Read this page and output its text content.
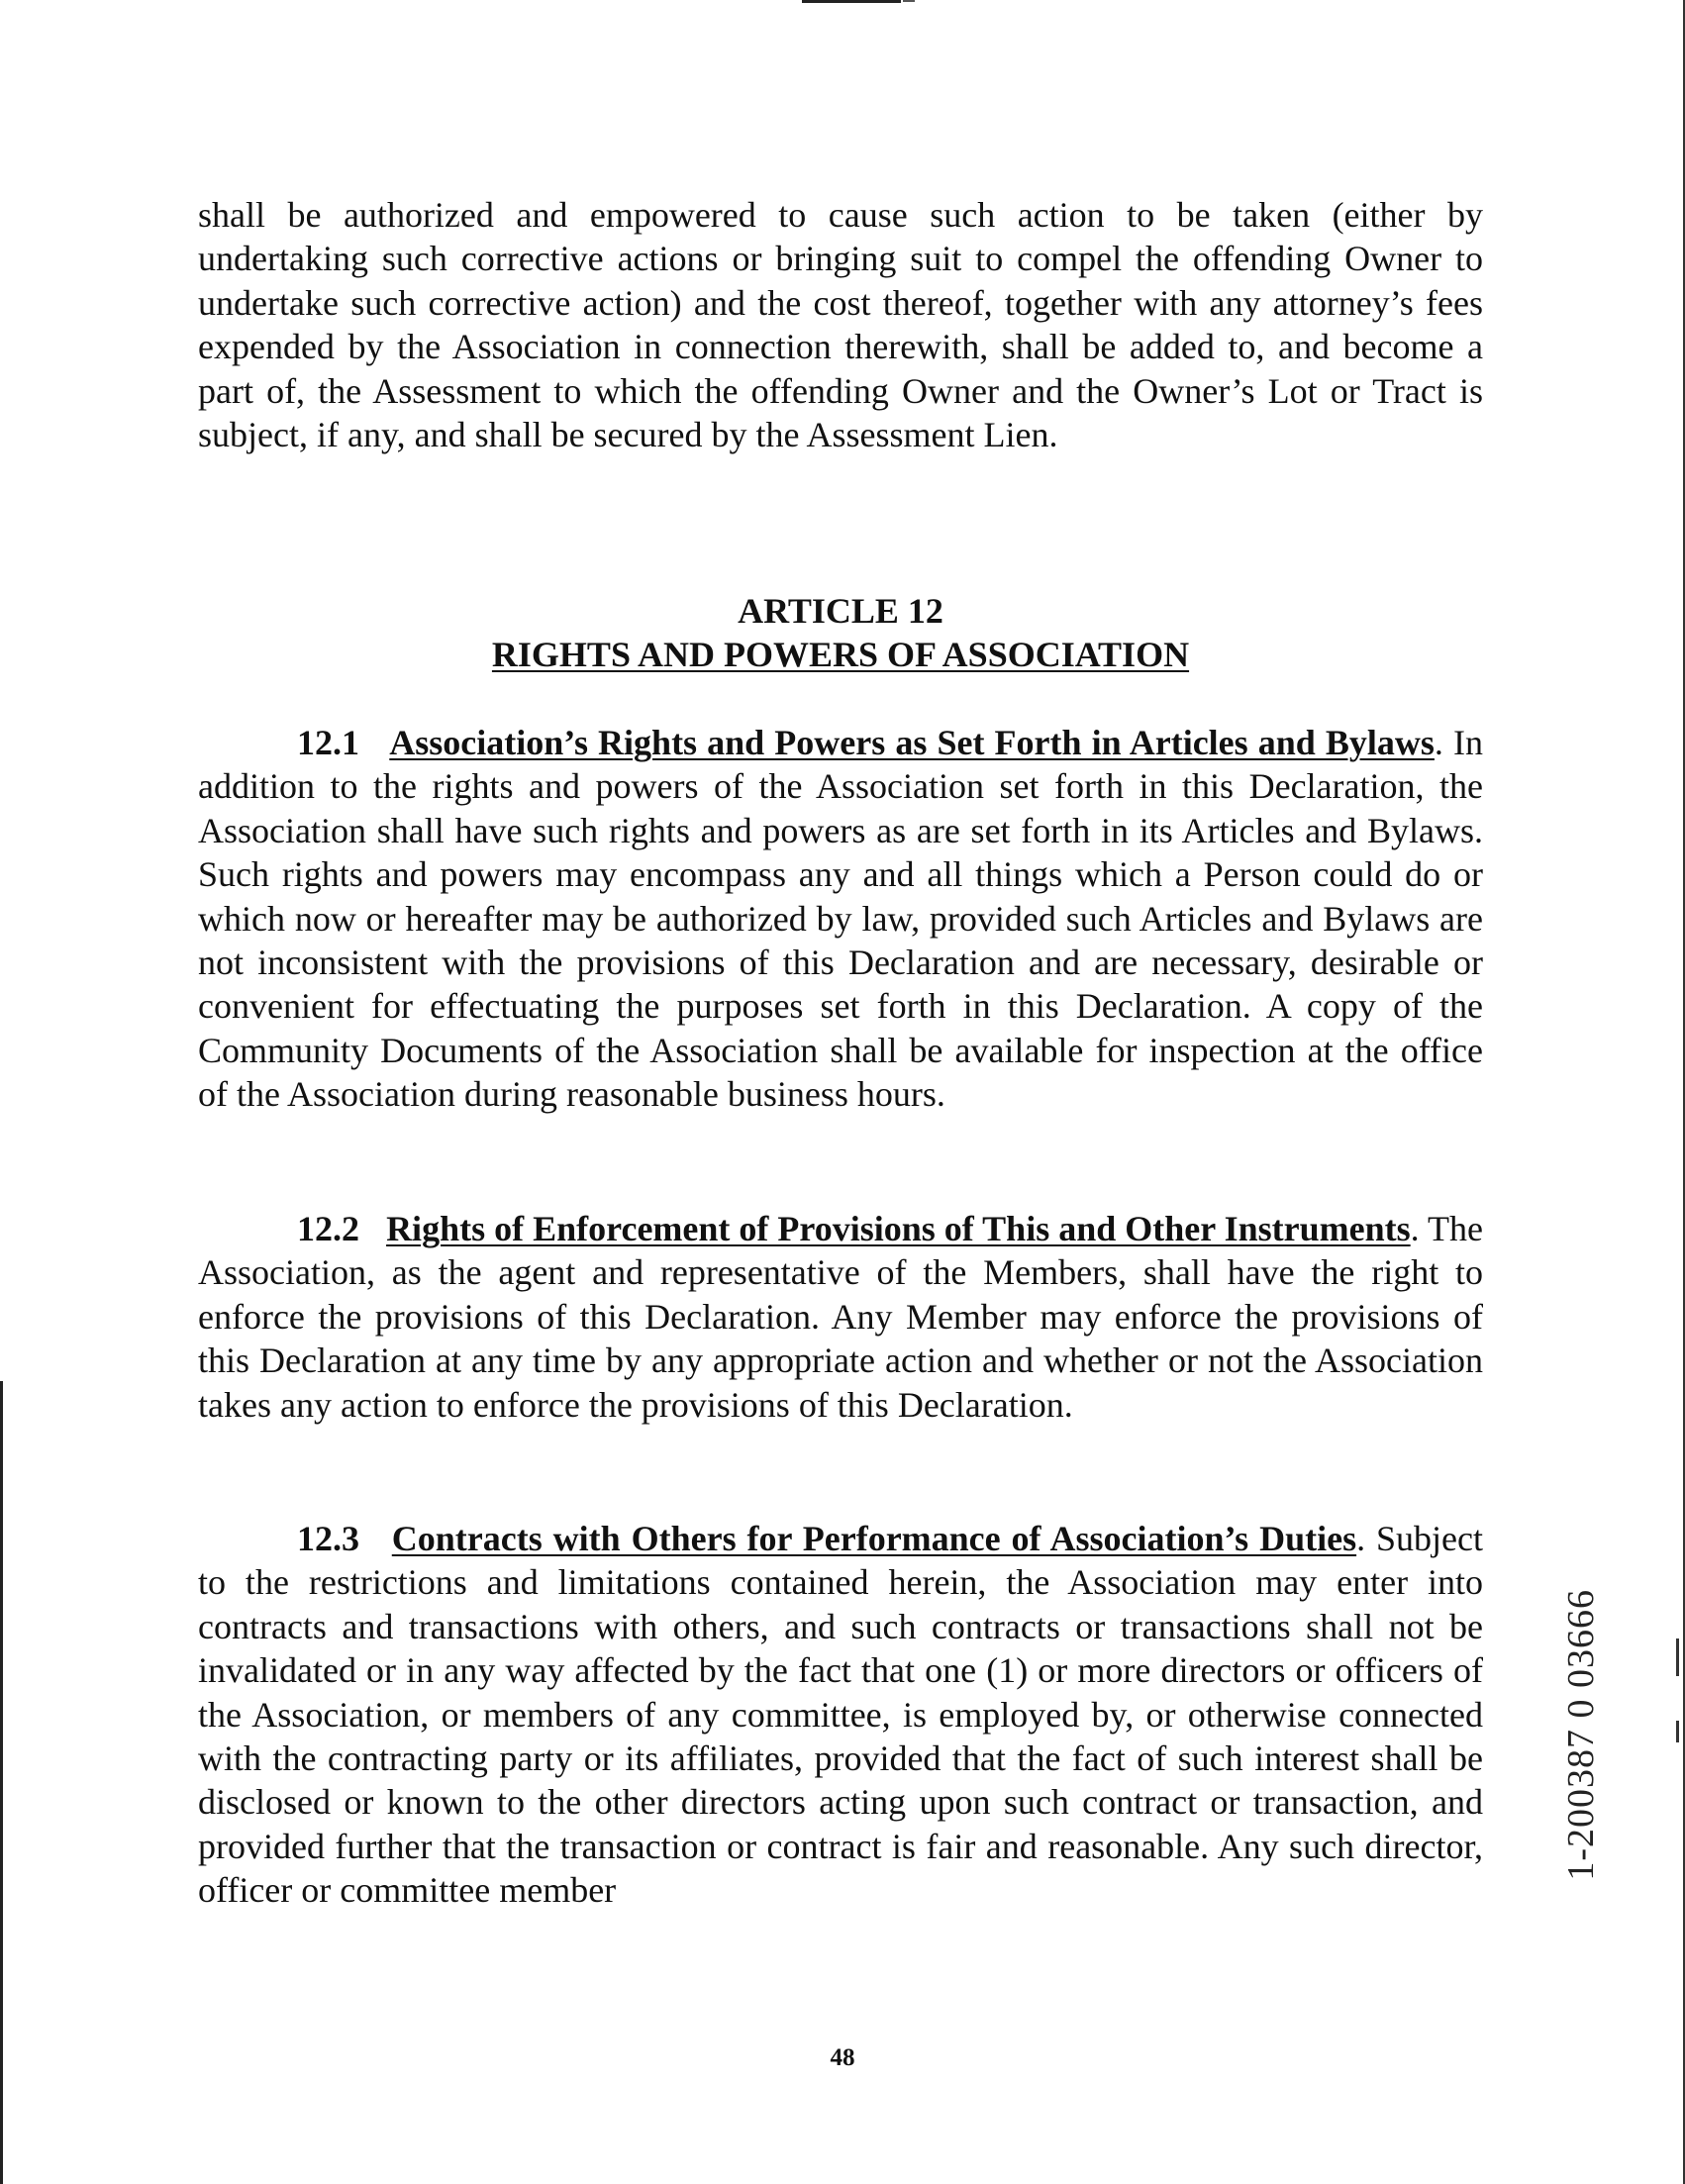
shall be authorized and empowered to cause such action to be taken (either by undertaking such corrective actions or bringing suit to compel the offending Owner to undertake such corrective action) and the cost thereof, together with any attorney’s fees expended by the Association in connection therewith, shall be added to, and become a part of, the Assessment to which the offending Owner and the Owner’s Lot or Tract is subject, if any, and shall be secured by the Assessment Lien.

ARTICLE 12
RIGHTS AND POWERS OF ASSOCIATION

12.1 Association’s Rights and Powers as Set Forth in Articles and Bylaws. In addition to the rights and powers of the Association set forth in this Declaration, the Association shall have such rights and powers as are set forth in its Articles and Bylaws. Such rights and powers may encompass any and all things which a Person could do or which now or hereafter may be authorized by law, provided such Articles and Bylaws are not inconsistent with the provisions of this Declaration and are necessary, desirable or convenient for effectuating the purposes set forth in this Declaration. A copy of the Community Documents of the Association shall be available for inspection at the office of the Association during reasonable business hours.

12.2 Rights of Enforcement of Provisions of This and Other Instruments. The Association, as the agent and representative of the Members, shall have the right to enforce the provisions of this Declaration. Any Member may enforce the provisions of this Declaration at any time by any appropriate action and whether or not the Association takes any action to enforce the provisions of this Declaration.

12.3 Contracts with Others for Performance of Association’s Duties. Subject to the restrictions and limitations contained herein, the Association may enter into contracts and transactions with others, and such contracts or transactions shall not be invalidated or in any way affected by the fact that one (1) or more directors or officers of the Association, or members of any committee, is employed by, or otherwise connected with the contracting party or its affiliates, provided that the fact of such interest shall be disclosed or known to the other directors acting upon such contract or transaction, and provided further that the transaction or contract is fair and reasonable. Any such director, officer or committee member

1-200387 0 03666
48
